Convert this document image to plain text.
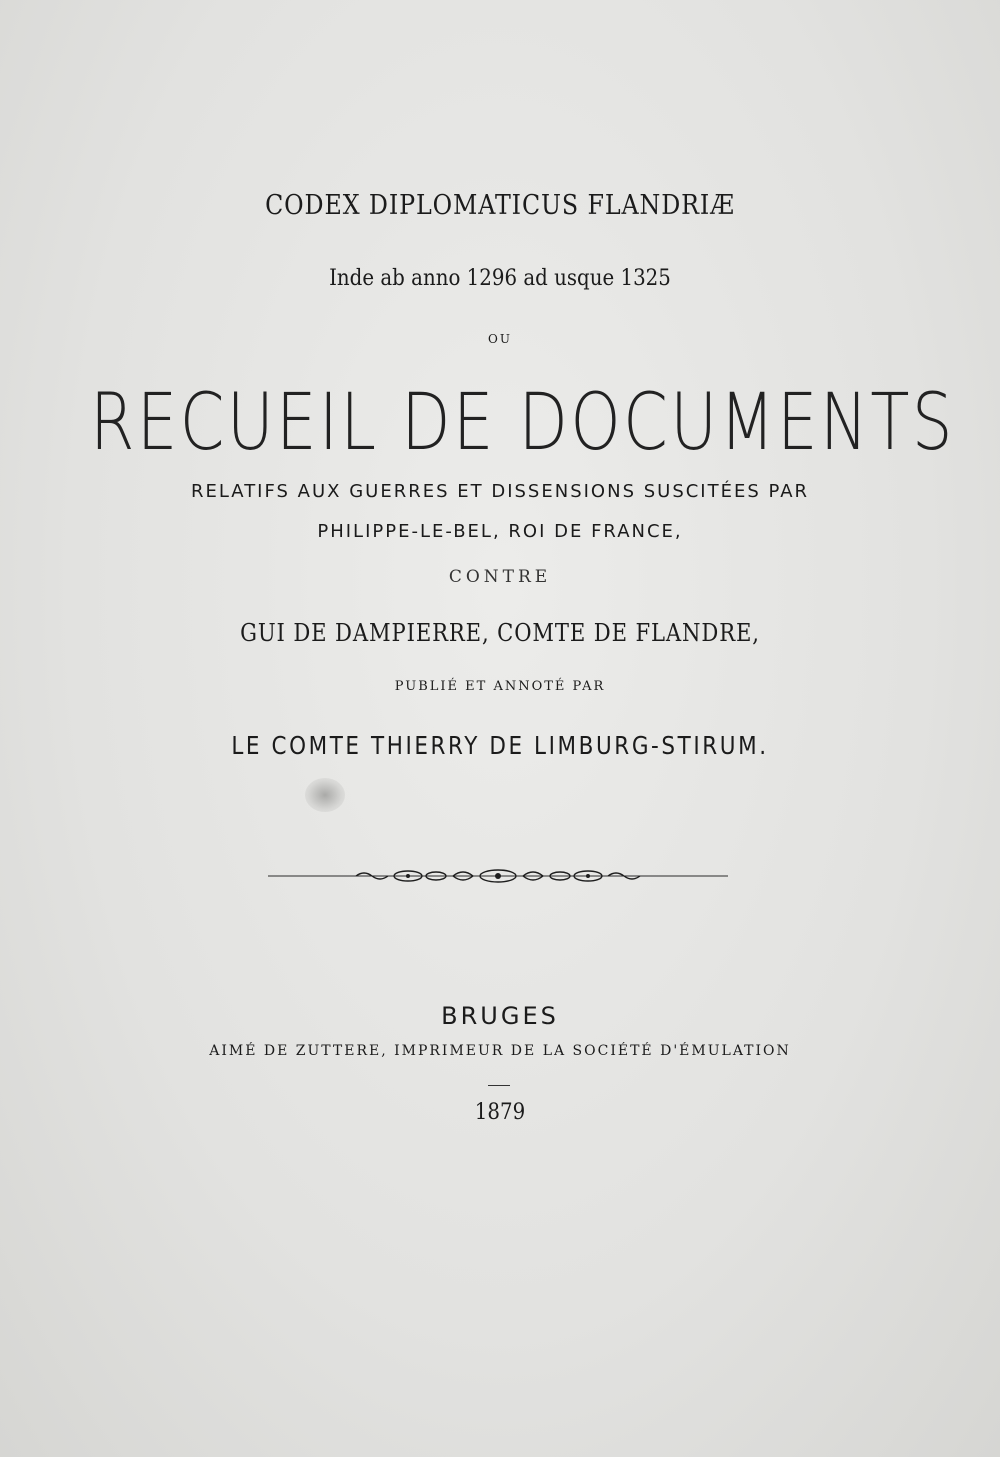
CODEX DIPLOMATICUS FLANDRIÆ
Inde ab anno 1296 ad usque 1325
OU
RECUEIL DE DOCUMENTS
RELATIFS AUX GUERRES ET DISSENSIONS SUSCITÉES PAR
PHILIPPE-LE-BEL, ROI DE FRANCE,
CONTRE
GUI DE DAMPIERRE, COMTE DE FLANDRE,
PUBLIÉ ET ANNOTÉ PAR
LE COMTE THIERRY DE LIMBURG-STIRUM.
BRUGES
AIMÉ DE ZUTTERE, IMPRIMEUR DE LA SOCIÉTÉ D'ÉMULATION
1879
